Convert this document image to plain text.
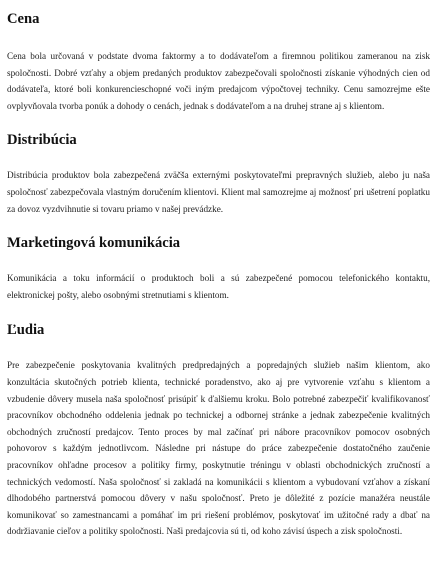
Cena

Cena bola určovaná v podstate dvoma faktormy a to dodávateľom a firemnou politikou zameranou na zisk spoločnosti. Dobré vzťahy a objem predaných produktov zabezpečovali spoločnosti získanie výhodných cien od dodávateľa, ktoré boli konkurencieschopné voči iným predajcom výpočtovej techniky. Cenu samozrejme ešte ovplyvňovala tvorba ponúk a dohody o cenách, jednak s dodávateľom a na druhej strane aj s klientom.

Distribúcia

Distribúcia produktov bola zabezpečená zväčša externými poskytovateľmi prepravných služieb, alebo ju naša spoločnosť zabezpečovala vlastným doručením klientovi. Klient mal samozrejme aj možnosť pri ušetrení poplatku za dovoz vyzdvihnutie si tovaru priamo v našej prevádzke.

Marketingová komunikácia

Komunikácia a toku informácií o produktoch boli a sú zabezpečené pomocou telefonického kontaktu, elektronickej pošty, alebo osobnými stretnutiami s klientom.

Ľudia

Pre zabezpečenie poskytovania kvalitných predpredajných a popredajných služieb našim klientom, ako konzultácia skutočných potrieb klienta, technické poradenstvo, ako aj pre vytvorenie vzťahu s klientom a vzbudenie dôvery musela naša spoločnosť prisúpiť k ďalšiemu kroku. Bolo potrebné zabezpečiť kvalifikovanosť pracovníkov obchodného oddelenia jednak po technickej a odbornej stránke a jednak zabezpečenie kvalitných obchodných zručností predajcov. Tento proces by mal začínať pri nábore pracovníkov pomocov osobných pohovorov s každým jednotlivcom. Následne pri nástupe do práce zabezpečenie dostatočného zaučenie pracovníkov ohľadne procesov a politiky firmy, poskytnutie tréningu v oblasti obchodnických zručností a technických vedomostí. Naša spoločnosť si zakladá na komunikácii s klientom a vybudovaní vzťahov a získaní dlhodobého partnerstvá pomocou dôvery v našu spoločnosť. Preto je dôležité z pozície manažéra neustále komunikovať so zamestnancami a pomáhať im pri riešení problémov, poskytovať im užitočné rady a dbať na dodržiavanie cieľov a politiky spoločnosti. Naši predajcovia sú ti, od koho závisí úspech a zisk spoločnosti.
